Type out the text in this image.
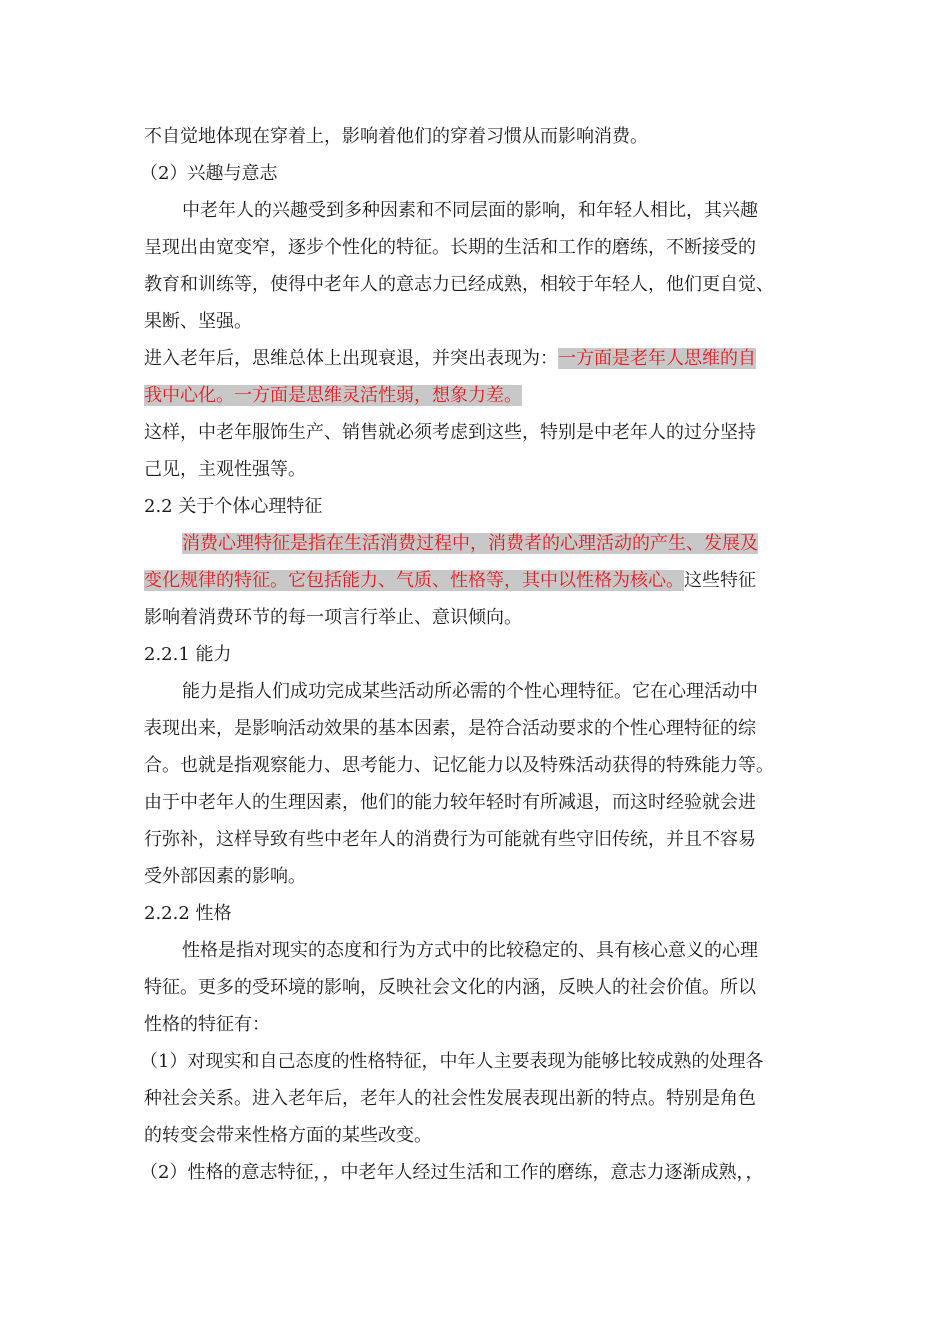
不自觉地体现在穿着上，影响着他们的穿着习惯从而影响消费。
（2）兴趣与意志
中老年人的兴趣受到多种因素和不同层面的影响，和年轻人相比，其兴趣
呈现出由宽变窄，逐步个性化的特征。长期的生活和工作的磨练，不断接受的
教育和训练等，使得中老年人的意志力已经成熟，相较于年轻人，他们更自觉、
果断、坚强。
进入老年后，思维总体上出现衰退，并突出表现为：一方面是老年人思维的自
我中心化。一方面是思维灵活性弱，想象力差。
这样，中老年服饰生产、销售就必须考虑到这些，特别是中老年人的过分坚持
己见，主观性强等。
2.2 关于个体心理特征
消费心理特征是指在生活消费过程中，消费者的心理活动的产生、发展及
变化规律的特征。它包括能力、气质、性格等，其中以性格为核心。这些特征
影响着消费环节的每一项言行举止、意识倾向。
2.2.1 能力
能力是指人们成功完成某些活动所必需的个性心理特征。它在心理活动中
表现出来，是影响活动效果的基本因素，是符合活动要求的个性心理特征的综
合。也就是指观察能力、思考能力、记忆能力以及特殊活动获得的特殊能力等。
由于中老年人的生理因素，他们的能力较年轻时有所减退，而这时经验就会进
行弥补，这样导致有些中老年人的消费行为可能就有些守旧传统，并且不容易
受外部因素的影响。
2.2.2 性格
性格是指对现实的态度和行为方式中的比较稳定的、具有核心意义的心理
特征。更多的受环境的影响，反映社会文化的内涵，反映人的社会价值。所以
性格的特征有：
（1）对现实和自己态度的性格特征，中年人主要表现为能够比较成熟的处理各
种社会关系。进入老年后，老年人的社会性发展表现出新的特点。特别是角色
的转变会带来性格方面的某些改变。
（2）性格的意志特征，，中老年人经过生活和工作的磨练，意志力逐渐成熟，，
